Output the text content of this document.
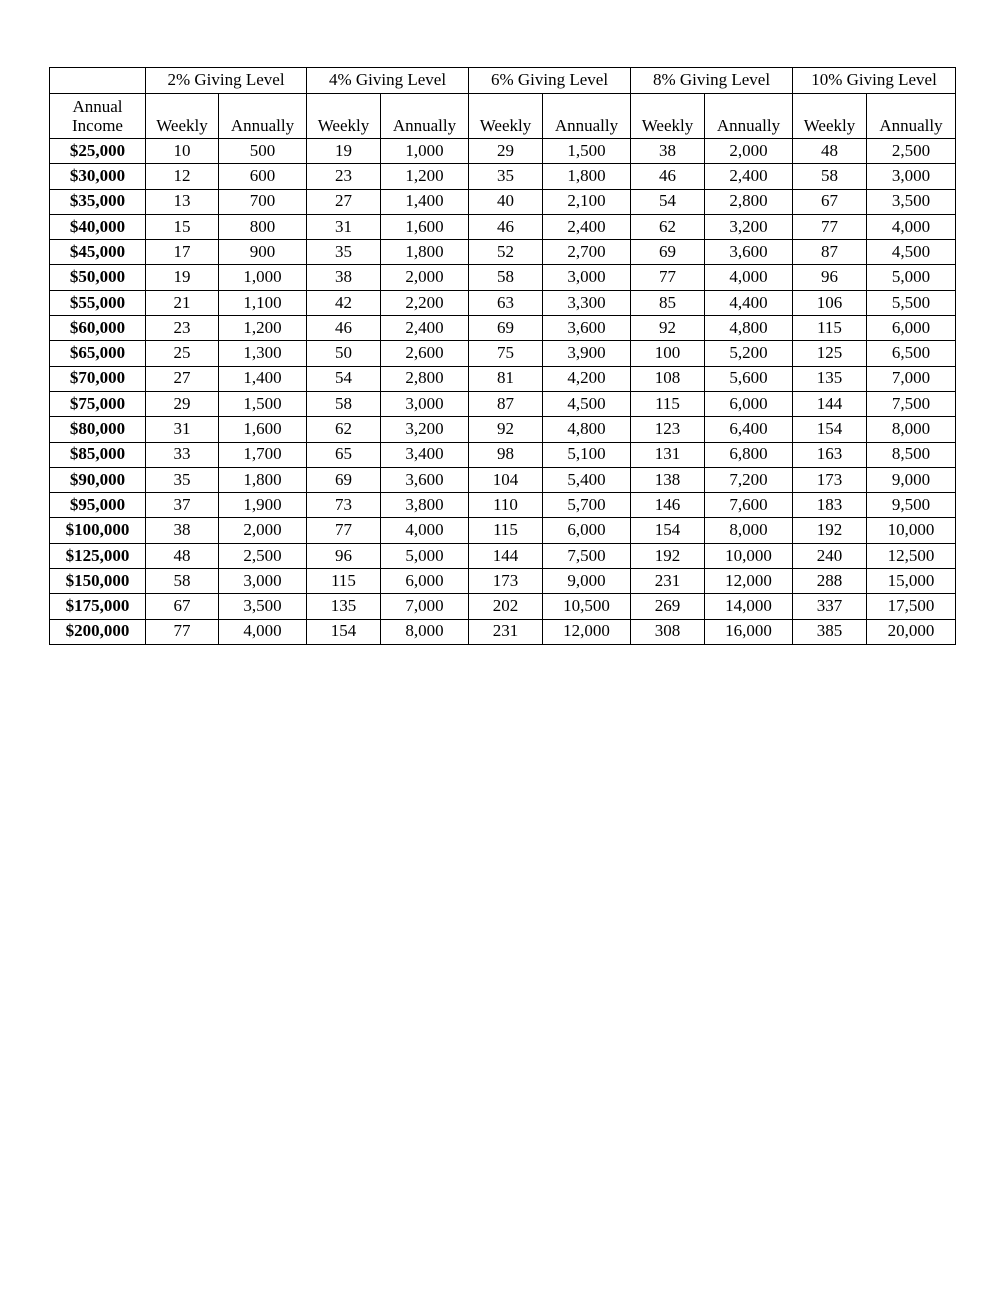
	2% Giving Level		4% Giving Level		6% Giving Level		8% Giving Level		10% Giving Level	

Annual
Income	Weekly	Annually	Weekly	Annually	Weekly	Annually	Weekly	Annually	Weekly	Annually
$25,000	10	500	19	1,000	29	1,500	38	2,000	48	2,500
$30,000	12	600	23	1,200	35	1,800	46	2,400	58	3,000
$35,000	13	700	27	1,400	40	2,100	54	2,800	67	3,500
$40,000	15	800	31	1,600	46	2,400	62	3,200	77	4,000
$45,000	17	900	35	1,800	52	2,700	69	3,600	87	4,500
$50,000	19	1,000	38	2,000	58	3,000	77	4,000	96	5,000
$55,000	21	1,100	42	2,200	63	3,300	85	4,400	106	5,500
$60,000	23	1,200	46	2,400	69	3,600	92	4,800	115	6,000
$65,000	25	1,300	50	2,600	75	3,900	100	5,200	125	6,500
$70,000	27	1,400	54	2,800	81	4,200	108	5,600	135	7,000
$75,000	29	1,500	58	3,000	87	4,500	115	6,000	144	7,500
$80,000	31	1,600	62	3,200	92	4,800	123	6,400	154	8,000
$85,000	33	1,700	65	3,400	98	5,100	131	6,800	163	8,500
$90,000	35	1,800	69	3,600	104	5,400	138	7,200	173	9,000
$95,000	37	1,900	73	3,800	110	5,700	146	7,600	183	9,500
$100,000	38	2,000	77	4,000	115	6,000	154	8,000	192	10,000
$125,000	48	2,500	96	5,000	144	7,500	192	10,000	240	12,500
$150,000	58	3,000	115	6,000	173	9,000	231	12,000	288	15,000
$175,000	67	3,500	135	7,000	202	10,500	269	14,000	337	17,500
$200,000	77	4,000	154	8,000	231	12,000	308	16,000	385	20,000
